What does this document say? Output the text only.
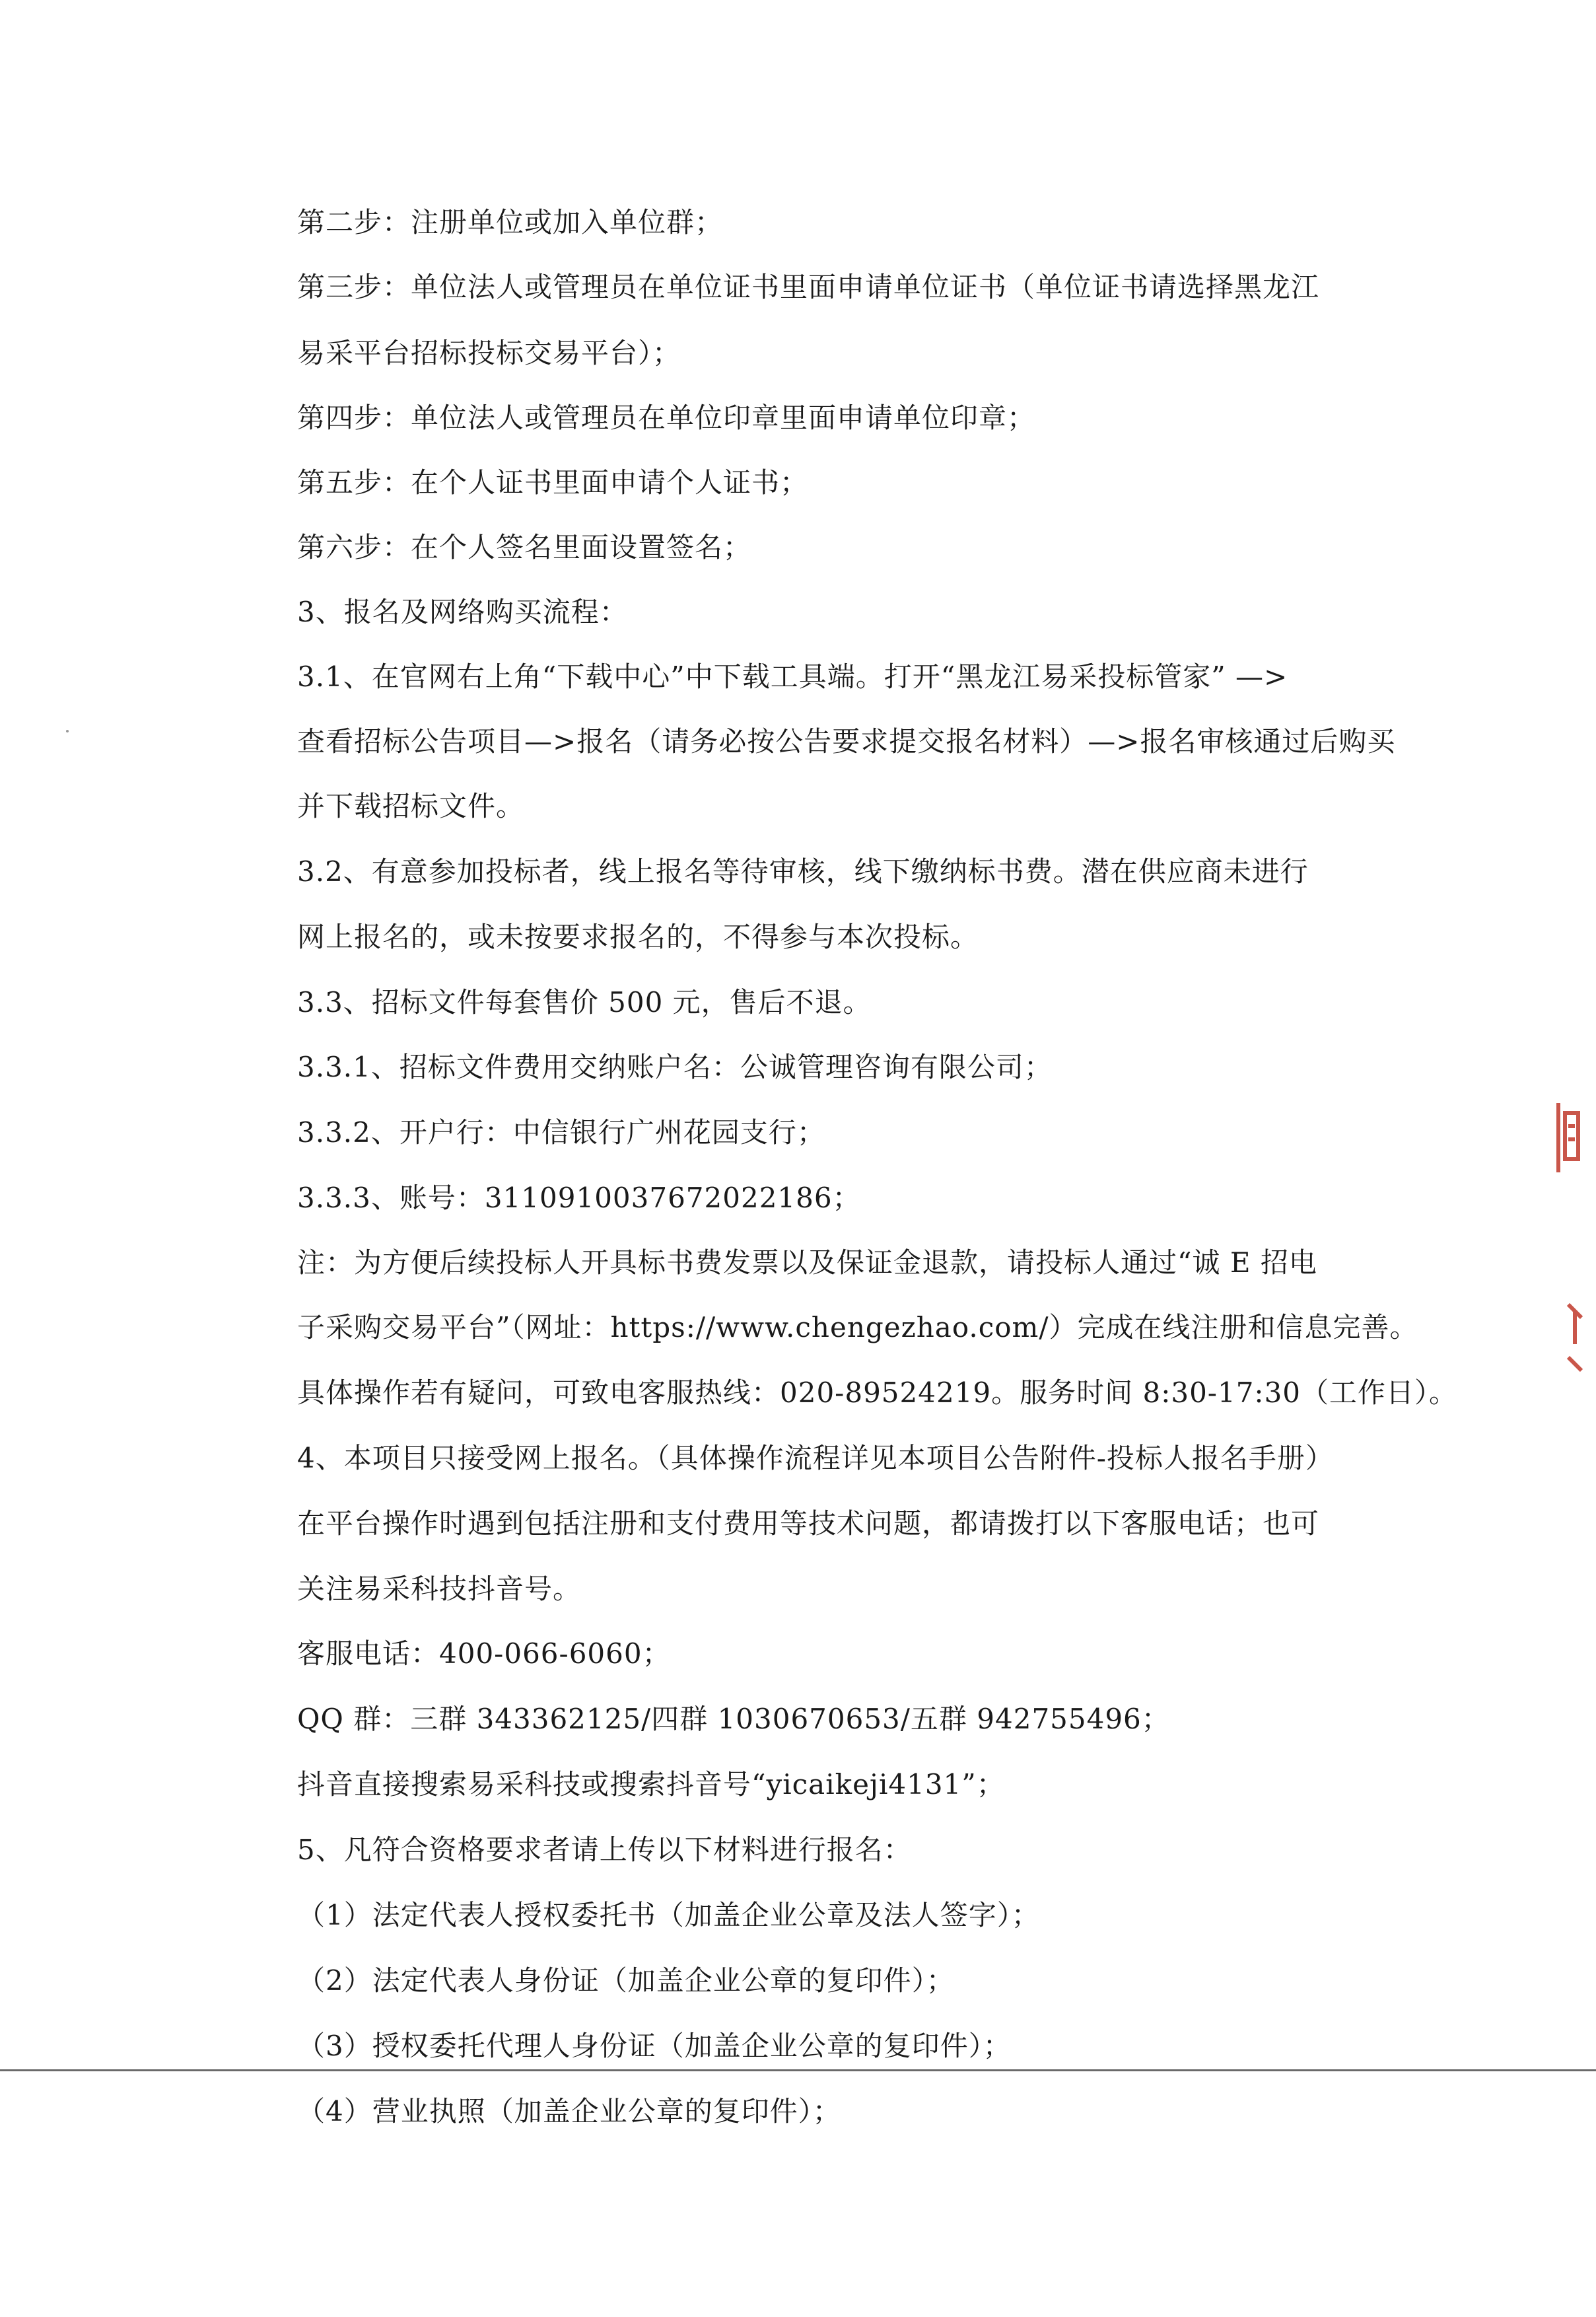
第二步：注册单位或加入单位群；
第三步：单位法人或管理员在单位证书里面申请单位证书（单位证书请选择黑龙江
易采平台招标投标交易平台）；
第四步：单位法人或管理员在单位印章里面申请单位印章；
第五步：在个人证书里面申请个人证书；
第六步：在个人签名里面设置签名；
3、报名及网络购买流程：
3.1、在官网右上角“下载中心”中下载工具端。打开“黑龙江易采投标管家” —>
查看招标公告项目—>报名（请务必按公告要求提交报名材料）—>报名审核通过后购买
并下载招标文件。
3.2、有意参加投标者，线上报名等待审核，线下缴纳标书费。潜在供应商未进行
网上报名的，或未按要求报名的，不得参与本次投标。
3.3、招标文件每套售价 500 元，售后不退。
3.3.1、招标文件费用交纳账户名：公诚管理咨询有限公司；
3.3.2、开户行：中信银行广州花园支行；
3.3.3、账号：3110910037672022186；
注：为方便后续投标人开具标书费发票以及保证金退款，请投标人通过“诚 E 招电
子采购交易平台”（网址：https://www.chengezhao.com/）完成在线注册和信息完善。
具体操作若有疑问，可致电客服热线：020-89524219。服务时间 8:30-17:30（工作日）。
4、本项目只接受网上报名。（具体操作流程详见本项目公告附件-投标人报名手册）
在平台操作时遇到包括注册和支付费用等技术问题，都请拨打以下客服电话；也可
关注易采科技抖音号。
客服电话：400-066-6060；
QQ 群：三群 343362125/四群 1030670653/五群 942755496；
抖音直接搜索易采科技或搜索抖音号“yicaikeji4131”；
5、凡符合资格要求者请上传以下材料进行报名：
（1）法定代表人授权委托书（加盖企业公章及法人签字）；
（2）法定代表人身份证（加盖企业公章的复印件）；
（3）授权委托代理人身份证（加盖企业公章的复印件）；
（4）营业执照（加盖企业公章的复印件）；
